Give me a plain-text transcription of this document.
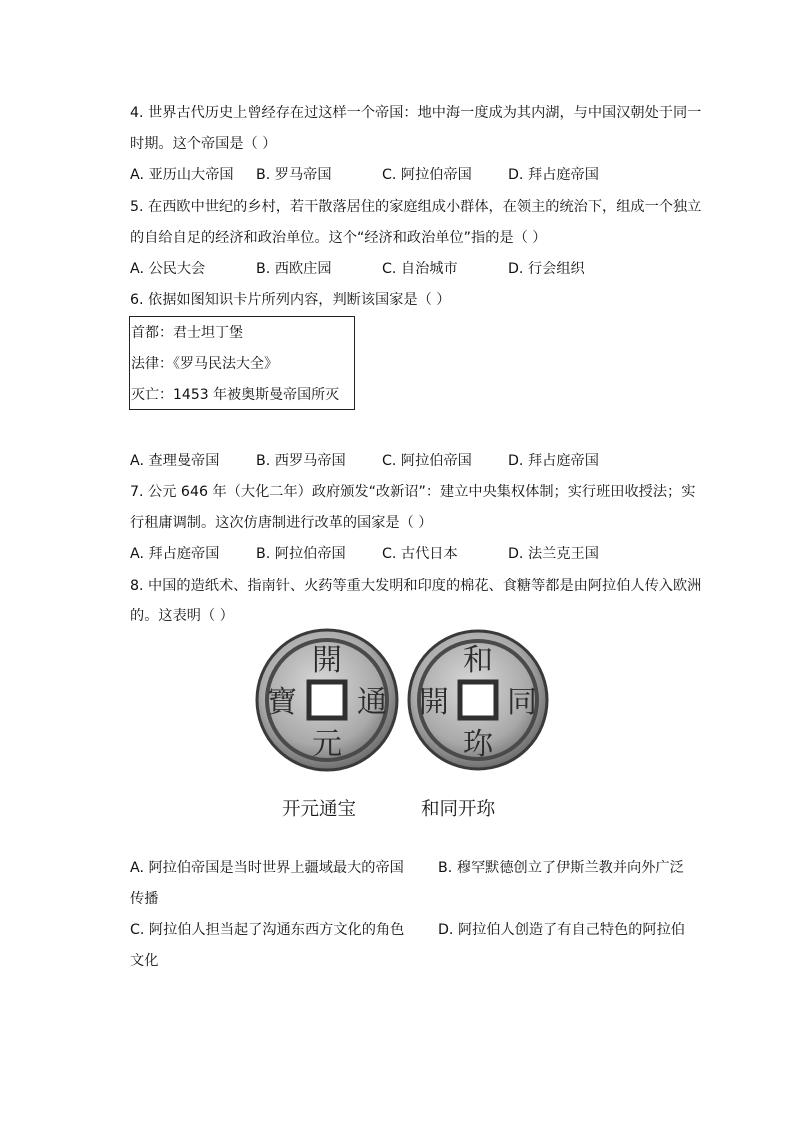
4. 世界古代历史上曾经存在过这样一个帝国：地中海一度成为其内湖，与中国汉朝处于同一
时期。这个帝国是（ ）
A. 亚历山大帝国 B. 罗马帝国	C. 阿拉伯帝国	D. 拜占庭帝国
5. 在西欧中世纪的乡村，若干散落居住的家庭组成小群体，在领主的统治下，组成一个独立
的自给自足的经济和政治单位。这个“经济和政治单位”指的是（ ）
A. 公民大会	B. 西欧庄园	C. 自治城市	D. 行会组织
6. 依据如图知识卡片所列内容，判断该国家是（ ）
首都：君士坦丁堡
法律：《罗马民法大全》
灭亡：1453 年被奥斯曼帝国所灭
A. 查理曼帝国	B. 西罗马帝国	C. 阿拉伯帝国	D. 拜占庭帝国
7. 公元 646 年（大化二年）政府颁发“改新诏”：建立中央集权体制；实行班田收授法；实
行租庸调制。这次仿唐制进行改革的国家是（ ）
A. 拜占庭帝国	B. 阿拉伯帝国	C. 古代日本	D. 法兰克王国
8. 中国的造纸术、指南针、火药等重大发明和印度的棉花、食糖等都是由阿拉伯人传入欧洲
的。这表明（ ）
開
元
通
寶
和
同
開
珎
开元通宝	和同开珎
A. 阿拉伯帝国是当时世界上疆域最大的帝国 B. 穆罕默德创立了伊斯兰教并向外广泛
传播
C. 阿拉伯人担当起了沟通东西方文化的角色 D. 阿拉伯人创造了有自己特色的阿拉伯
文化
